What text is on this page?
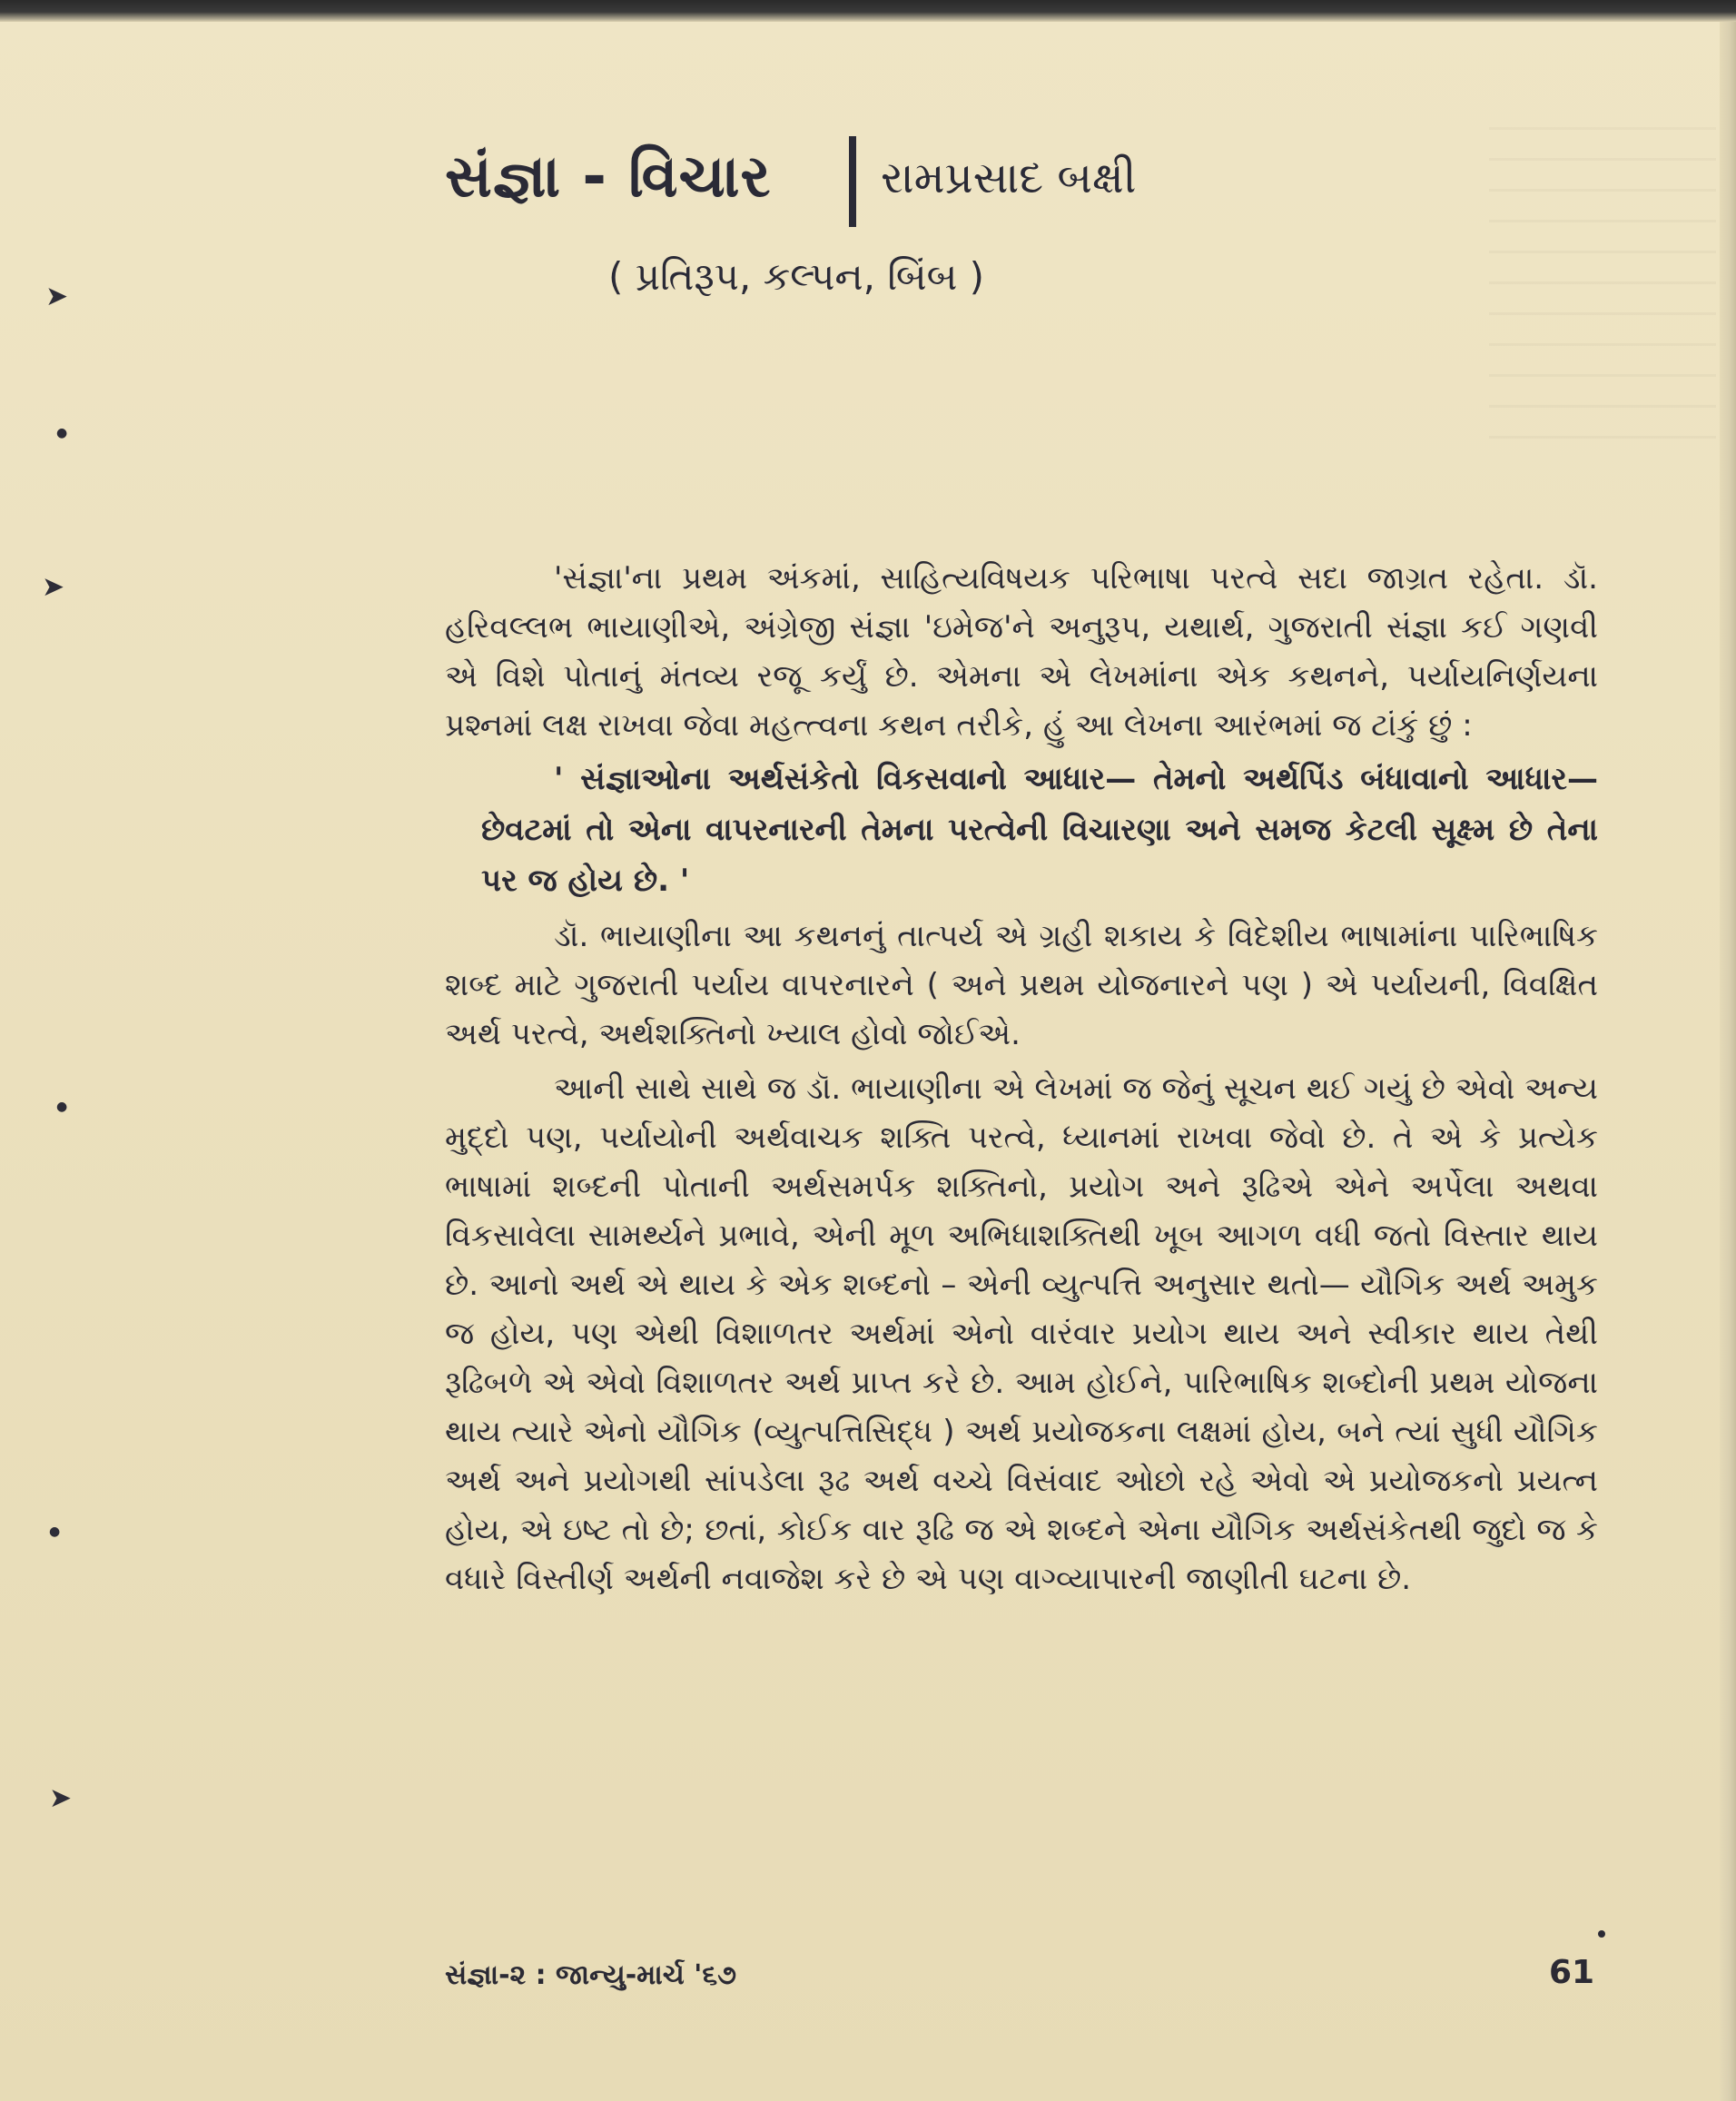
➤
●
➤
●
●
➤
સંજ્ઞા - વિચાર	રામપ્રસાદ બક્ષી
( પ્રતિરૂપ, કલ્પન, બિંબ )

'સંજ્ઞા'ના પ્રથમ અંકમાં, સાહિત્યવિષયક પરિભાષા પરત્વે સદા જાગ્રત રહેતા. ડૉ. હરિવલ્લભ ભાયાણીએ, અંગ્રેજી સંજ્ઞા 'ઇમેજ'ને અનુરૂપ, યથાર્થ, ગુજરાતી સંજ્ઞા કઈ ગણવી એ વિશે પોતાનું મંતવ્ય રજૂ કર્યું છે. એમના એ લેખમાંના એક કથનને, પર્યાયનિર્ણયના પ્રશ્નમાં લક્ષ રાખવા જેવા મહત્ત્વના કથન તરીકે, હું આ લેખના આરંભમાં જ ટાંકું છું :

' સંજ્ઞાઓના અર્થસંકેતો વિકસવાનો આધાર— તેમનો અર્થપિંડ બંધાવાનો આધાર— છેવટમાં તો એના વાપરનારની તેમના પરત્વેની વિચારણા અને સમજ કેટલી સૂક્ષ્મ છે તેના પર જ હોય છે. '

ડૉ. ભાયાણીના આ કથનનું તાત્પર્ય એ ગ્રહી શકાય કે વિદેશીય ભાષામાંના પારિભાષિક શબ્દ માટે ગુજરાતી પર્યાય વાપરનારને ( અને પ્રથમ યોજનારને પણ ) એ પર્યાયની, વિવક્ષિત અર્થ પરત્વે, અર્થશક્તિનો ખ્યાલ હોવો જોઈએ.

આની સાથે સાથે જ ડૉ. ભાયાણીના એ લેખમાં જ જેનું સૂચન થઈ ગયું છે એવો અન્ય મુદ્દો પણ, પર્યાયોની અર્થવાચક શક્તિ પરત્વે, ધ્યાનમાં રાખવા જેવો છે. તે એ કે પ્રત્યેક ભાષામાં શબ્દની પોતાની અર્થસમર્પક શક્તિનો, પ્રયોગ અને રૂઢિએ એને અર્પેલા અથવા વિકસાવેલા સામર્થ્યને પ્રભાવે, એની મૂળ અભિધાશક્તિથી ખૂબ આગળ વધી જતો વિસ્તાર થાય છે. આનો અર્થ એ થાય કે એક શબ્દનો – એની વ્યુત્પત્તિ અનુસાર થતો— યૌગિક અર્થ અમુક જ હોય, પણ એથી વિશાળતર અર્થમાં એનો વારંવાર પ્રયોગ થાય અને સ્વીકાર થાય તેથી રૂઢિબળે એ એવો વિશાળતર અર્થ પ્રાપ્ત કરે છે. આમ હોઈને, પારિભાષિક શબ્દોની પ્રથમ યોજના થાય ત્યારે એનો યૌગિક (વ્યુત્પત્તિસિદ્ધ ) અર્થ પ્રયોજકના લક્ષમાં હોય, બને ત્યાં સુધી યૌગિક અર્થ અને પ્રયોગથી સાંપડેલા રૂઢ અર્થ વચ્ચે વિસંવાદ ઓછો રહે એવો એ પ્રયોજકનો પ્રયત્ન હોય, એ ઇષ્ટ તો છે; છતાં, કોઈક વાર રૂઢિ જ એ શબ્દને એના યૌગિક અર્થસંકેતથી જુદો જ કે વધારે વિસ્તીર્ણ અર્થની નવાજેશ કરે છે એ પણ વાગ્વ્યાપારની જાણીતી ઘટના છે.

સંજ્ઞા-૨ : જાન્યુ-માર્ચ '૬૭	61
